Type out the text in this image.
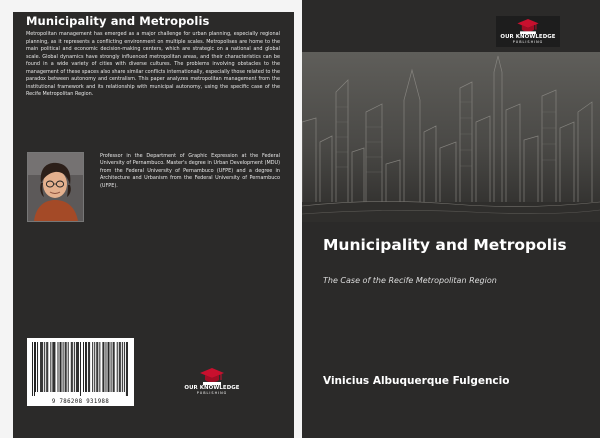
Municipality and Metropolis

Metropolitan management has emerged as a major challenge for urban planning, especially regional planning, as it represents a conflicting environment on multiple scales. Metropolises are home to the main political and economic decision-making centers, which are strategic on a national and global scale. Global dynamics have strongly influenced metropolitan areas, and their characteristics can be found in a wide variety of cities with diverse cultures. The problems involving obstacles to the management of these spaces also share similar conflicts internationally, especially those related to the paradox between autonomy and centralism. This paper analyzes metropolitan management from the institutional framework and its relationship with municipal autonomy, using the specific case of the Recife Metropolitan Region.

Professor in the Department of Graphic Expression at the Federal University of Pernambuco. Master's degree in Urban Development (MDU) from the Federal University of Pernambuco (UFPE) and a degree in Architecture and Urbanism from the Federal University of Pernambuco (UFPE).

9 786208 931988
OUR KNOWLEDGE
PUBLISHING
OUR KNOWLEDGE
PUBLISHING
Municipality and Metropolis

The Case of the Recife Metropolitan Region

Vinicius Albuquerque Fulgencio
